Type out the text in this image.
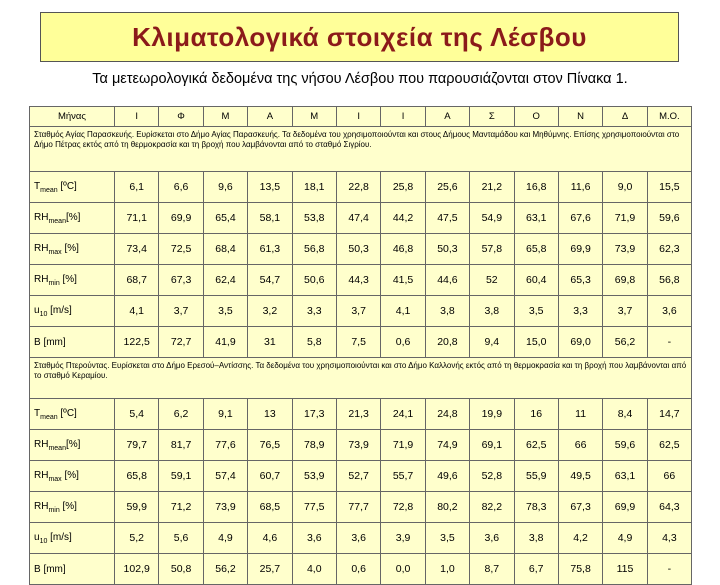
Κλιματολογικά στοιχεία της Λέσβου
Τα μετεωρολογικά δεδομένα της νήσου Λέσβου που παρουσιάζονται στον Πίνακα 1.
Μήνας	Ι	Φ	Μ	Α	Μ	Ι	Ι	Α	Σ	Ο	Ν	Δ	Μ.Ο.
Σταθμός Αγίας Παρασκευής. Ευρίσκεται στο Δήμο Αγίας Παρασκευής. Τα δεδομένα του χρησιμοποιούνται και στους Δήμους Μανταμάδου και Μηθύμνης. Επίσης χρησιμοποιούνται στο Δήμο Πέτρας εκτός από τη θερμοκρασία και τη βροχή που λαμβάνονται από το σταθμό Σιγρίου.													
$T_{mean}$ [ºC]	6,1	6,6	9,6	13,5	18,1	22,8	25,8	25,6	21,2	16,8	11,6	9,0	15,5
$RH_{mean}[\%]$	71,1	69,9	65,4	58,1	53,8	47,4	44,2	47,5	54,9	63,1	67,6	71,9	59,6
$RH_{max}$ [%]	73,4	72,5	68,4	61,3	56,8	50,3	46,8	50,3	57,8	65,8	69,9	73,9	62,3
$RH_{min}$ [%]	68,7	67,3	62,4	54,7	50,6	44,3	41,5	44,6	52	60,4	65,3	69,8	56,8
$u_{10}$ [m/s]	4,1	3,7	3,5	3,2	3,3	3,7	4,1	3,8	3,8	3,5	3,3	3,7	3,6
B [mm]	122,5	72,7	41,9	31	5,8	7,5	0,6	20,8	9,4	15,0	69,0	56,2	-
Σταθμός Πτερούντας. Ευρίσκεται στο Δήμο Ερεσού–Αντίσσης. Τα δεδομένα του χρησιμοποιούνται και στο Δήμο Καλλονής εκτός από τη θερμοκρασία και τη βροχή που λαμβάνονται από το σταθμό Κεραμίου.													
$T_{mean}$ [ºC]	5,4	6,2	9,1	13	17,3	21,3	24,1	24,8	19,9	16	11	8,4	14,7
$RH_{mean}[\%]$	79,7	81,7	77,6	76,5	78,9	73,9	71,9	74,9	69,1	62,5	66	59,6	62,5
$RH_{max}$ [%]	65,8	59,1	57,4	60,7	53,9	52,7	55,7	49,6	52,8	55,9	49,5	63,1	66
$RH_{min}$ [%]	59,9	71,2	73,9	68,5	77,5	77,7	72,8	80,2	82,2	78,3	67,3	69,9	64,3
$u_{10}$ [m/s]	5,2	5,6	4,9	4,6	3,6	3,6	3,9	3,5	3,6	3,8	4,2	4,9	4,3
B [mm]	102,9	50,8	56,2	25,7	4,0	0,6	0,0	1,0	8,7	6,7	75,8	115	-
